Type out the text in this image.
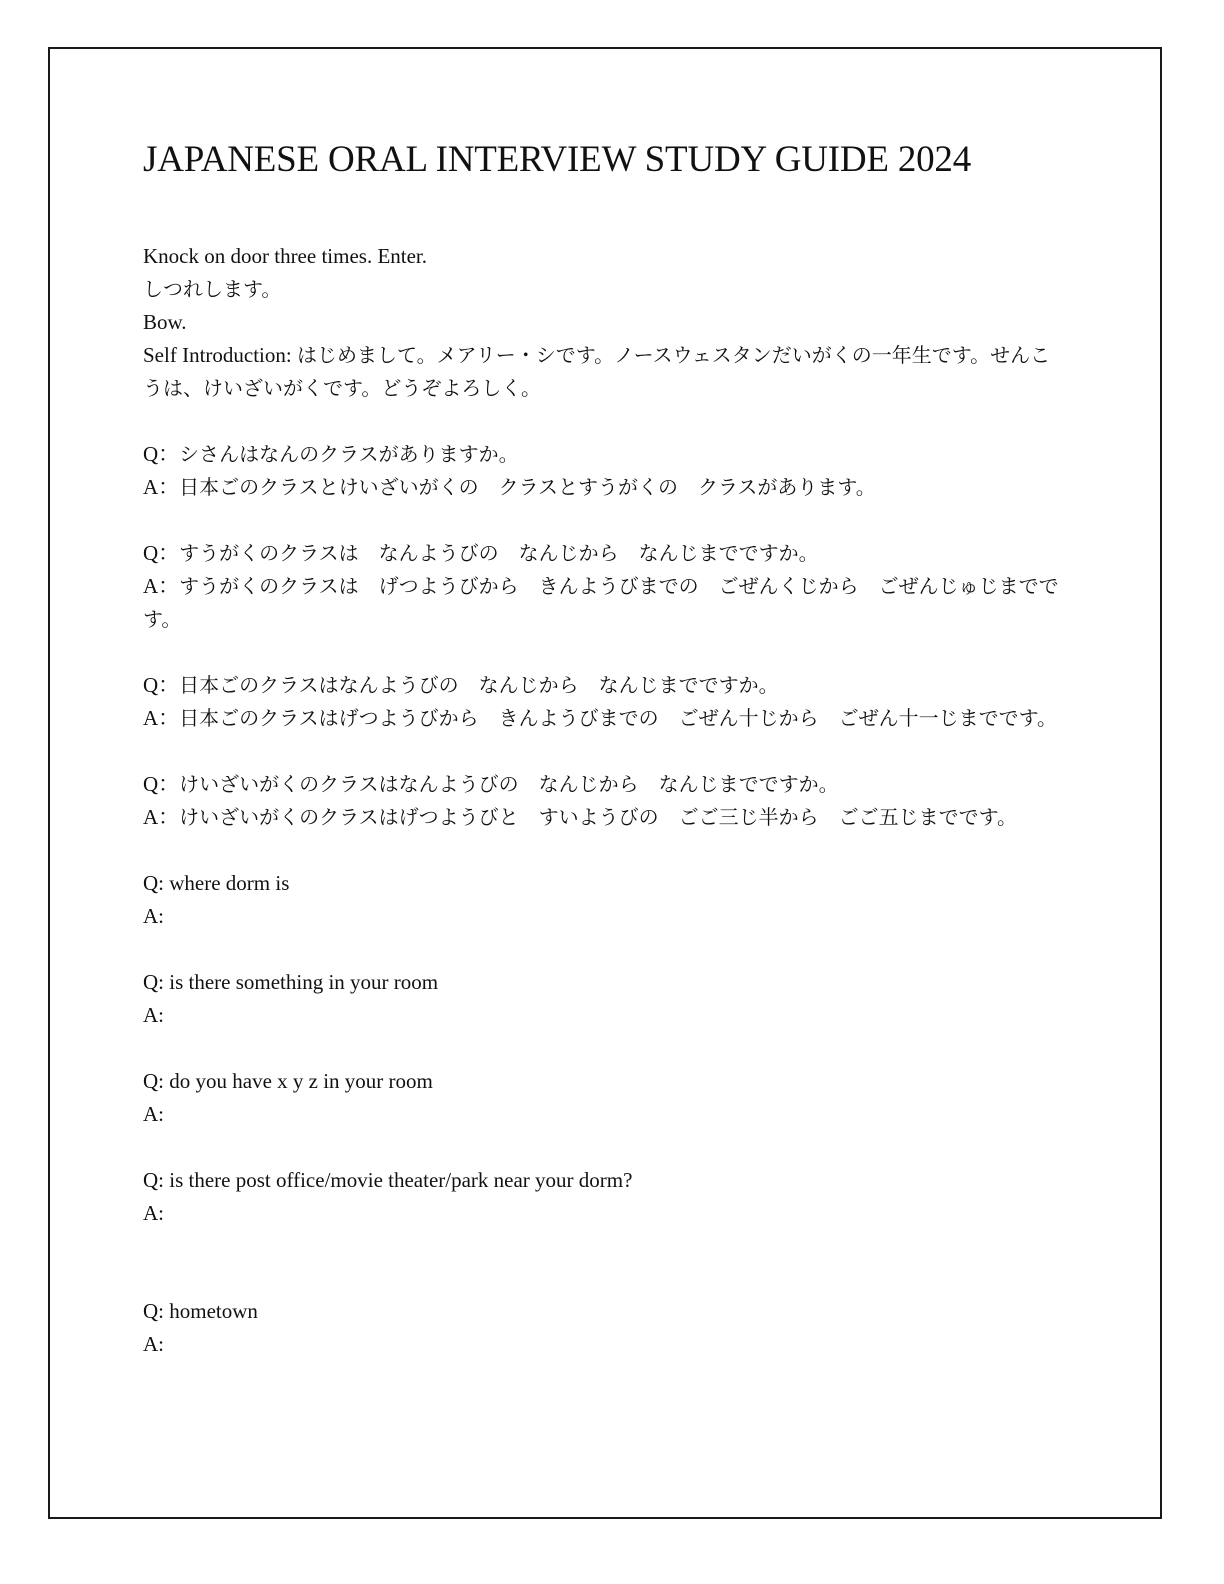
JAPANESE ORAL INTERVIEW STUDY GUIDE 2024

Knock on door three times. Enter.

しつれします。

Bow.

Self Introduction: はじめまして。メアリー・シです。ノースウェスタンだいがくの一年生です。せんこうは、けいざいがくです。どうぞよろしく。

Q：シさんはなんのクラスがありますか。

A：日本ごのクラスとけいざいがくの　クラスとすうがくの　クラスがあります。

Q：すうがくのクラスは　なんようびの　なんじから　なんじまでですか。

A：すうがくのクラスは　げつようびから　きんようびまでの　ごぜんくじから　ごぜんじゅじまでです。

Q：日本ごのクラスはなんようびの　なんじから　なんじまでですか。

A：日本ごのクラスはげつようびから　きんようびまでの　ごぜん十じから　ごぜん十一じまでです。

Q：けいざいがくのクラスはなんようびの　なんじから　なんじまでですか。

A：けいざいがくのクラスはげつようびと　すいようびの　ごご三じ半から　ごご五じまでです。

Q: where dorm is

A:

Q: is there something in your room

A:

Q: do you have x y z in your room

A:

Q: is there post office/movie theater/park near your dorm?

A:

Q: hometown

A:
